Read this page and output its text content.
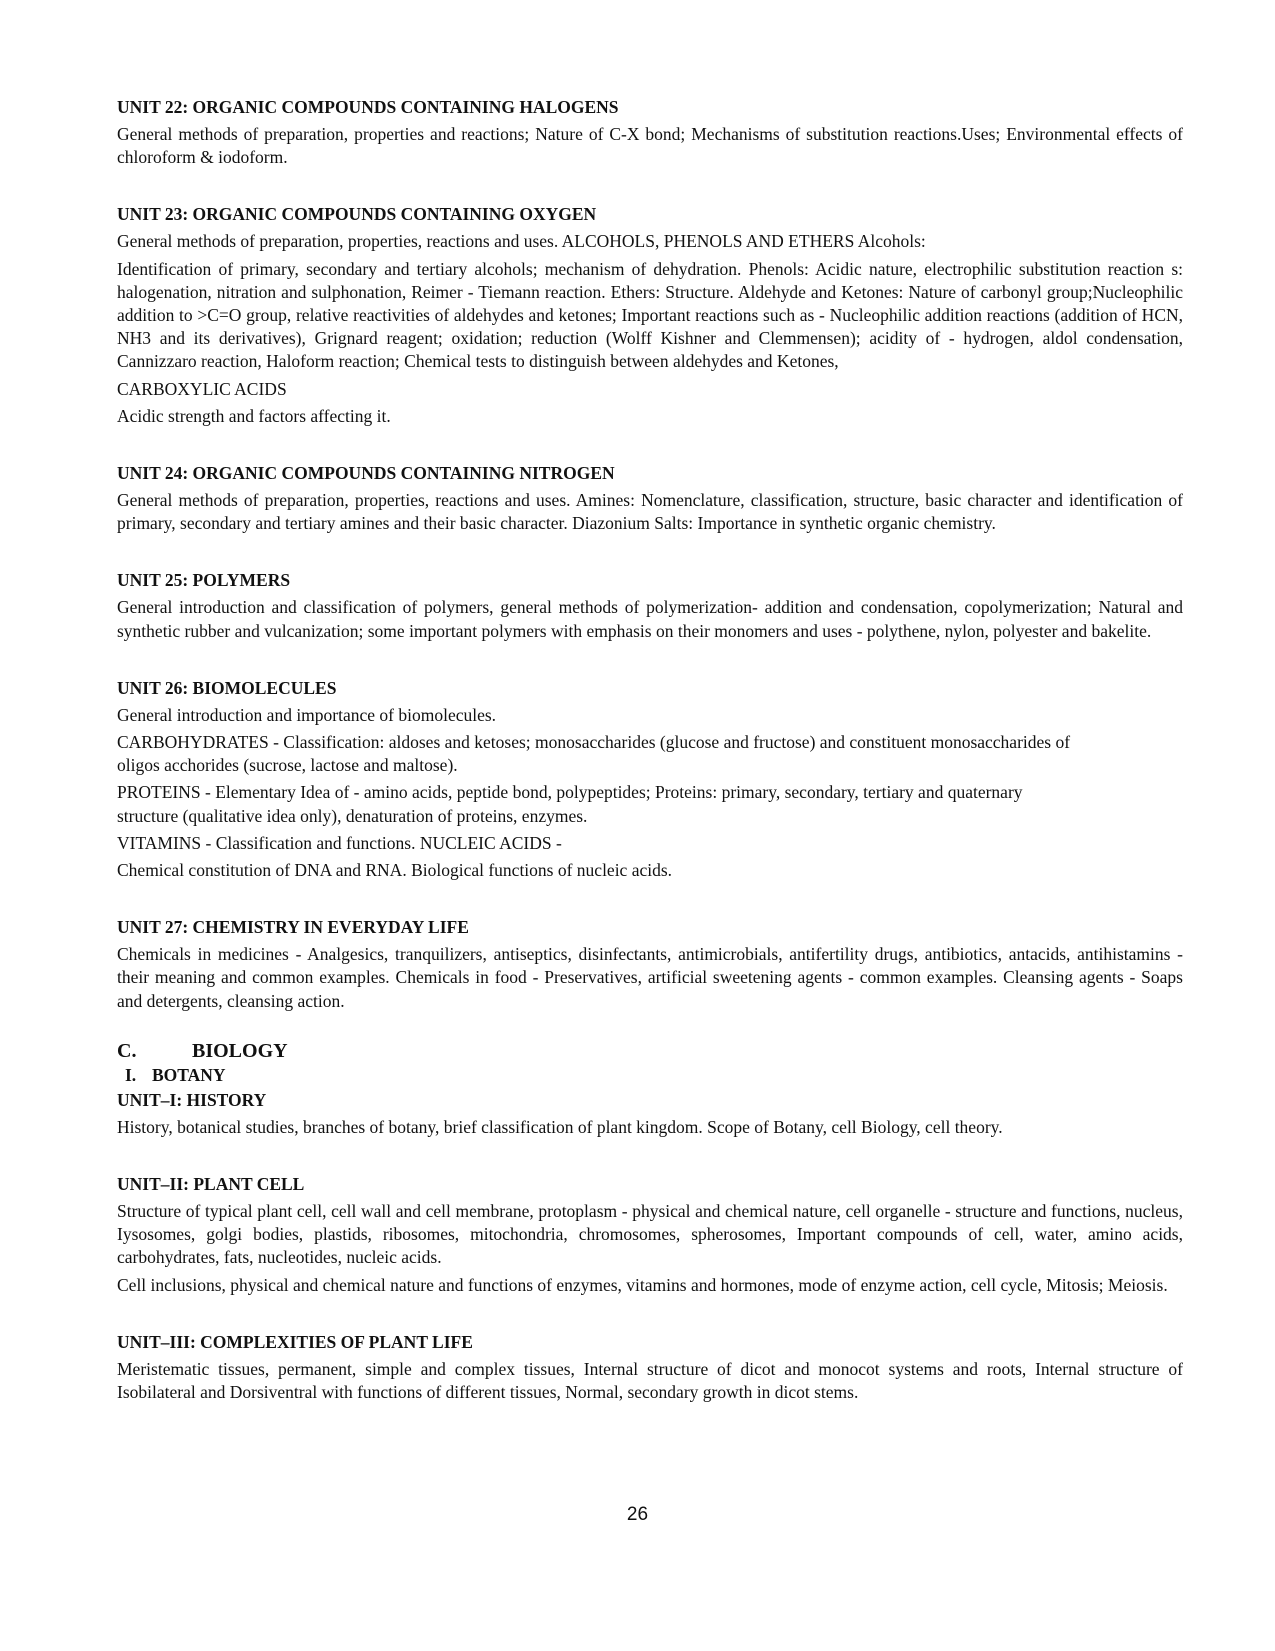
UNIT 22: ORGANIC COMPOUNDS CONTAINING HALOGENS

General methods of preparation, properties and reactions; Nature of C-X bond; Mechanisms of substitution reactions.Uses; Environmental effects of chloroform & iodoform.

UNIT 23: ORGANIC COMPOUNDS CONTAINING OXYGEN

General methods of preparation, properties, reactions and uses. ALCOHOLS, PHENOLS AND ETHERS Alcohols:

Identification of primary, secondary and tertiary alcohols; mechanism of dehydration. Phenols: Acidic nature, electrophilic substitution reaction s: halogenation, nitration and sulphonation, Reimer - Tiemann reaction. Ethers: Structure. Aldehyde and Ketones: Nature of carbonyl group;Nucleophilic addition to >C=O group, relative reactivities of aldehydes and ketones; Important reactions such as - Nucleophilic addition reactions (addition of HCN, NH3 and its derivatives), Grignard reagent; oxidation; reduction (Wolff Kishner and Clemmensen); acidity of - hydrogen, aldol condensation, Cannizzaro reaction, Haloform reaction; Chemical tests to distinguish between aldehydes and Ketones,

CARBOXYLIC ACIDS

Acidic strength and factors affecting it.

UNIT 24: ORGANIC COMPOUNDS CONTAINING NITROGEN

General methods of preparation, properties, reactions and uses. Amines: Nomenclature, classification, structure, basic character and identification of primary, secondary and tertiary amines and their basic character. Diazonium Salts: Importance in synthetic organic chemistry.

UNIT 25: POLYMERS

General introduction and classification of polymers, general methods of polymerization- addition and condensation, copolymerization; Natural and synthetic rubber and vulcanization; some important polymers with emphasis on their monomers and uses - polythene, nylon, polyester and bakelite.

UNIT 26: BIOMOLECULES

General introduction and importance of biomolecules.

CARBOHYDRATES - Classification: aldoses and ketoses; monosaccharides (glucose and fructose) and constituent monosaccharides of oligos acchorides (sucrose, lactose and maltose).

PROTEINS - Elementary Idea of - amino acids, peptide bond, polypeptides; Proteins: primary, secondary, tertiary and quaternary structure (qualitative idea only), denaturation of proteins, enzymes.

VITAMINS - Classification and functions. NUCLEIC ACIDS -

Chemical constitution of DNA and RNA. Biological functions of nucleic acids.

UNIT 27: CHEMISTRY IN EVERYDAY LIFE

Chemicals in medicines - Analgesics, tranquilizers, antiseptics, disinfectants, antimicrobials, antifertility drugs, antibiotics, antacids, antihistamins - their meaning and common examples. Chemicals in food - Preservatives, artificial sweetening agents - common examples. Cleansing agents - Soaps and detergents, cleansing action.

C.	BIOLOGY
I. BOTANY
UNIT–I: HISTORY

History, botanical studies, branches of botany, brief classification of plant kingdom. Scope of Botany, cell Biology, cell theory.

UNIT–II: PLANT CELL

Structure of typical plant cell, cell wall and cell membrane, protoplasm - physical and chemical nature, cell organelle - structure and functions, nucleus, Iysosomes, golgi bodies, plastids, ribosomes, mitochondria, chromosomes, spherosomes, Important compounds of cell, water, amino acids, carbohydrates, fats, nucleotides, nucleic acids.

Cell inclusions, physical and chemical nature and functions of enzymes, vitamins and hormones, mode of enzyme action, cell cycle, Mitosis; Meiosis.

UNIT–III: COMPLEXITIES OF PLANT LIFE

Meristematic tissues, permanent, simple and complex tissues, Internal structure of dicot and monocot systems and roots, Internal structure of Isobilateral and Dorsiventral with functions of different tissues, Normal, secondary growth in dicot stems.

26
